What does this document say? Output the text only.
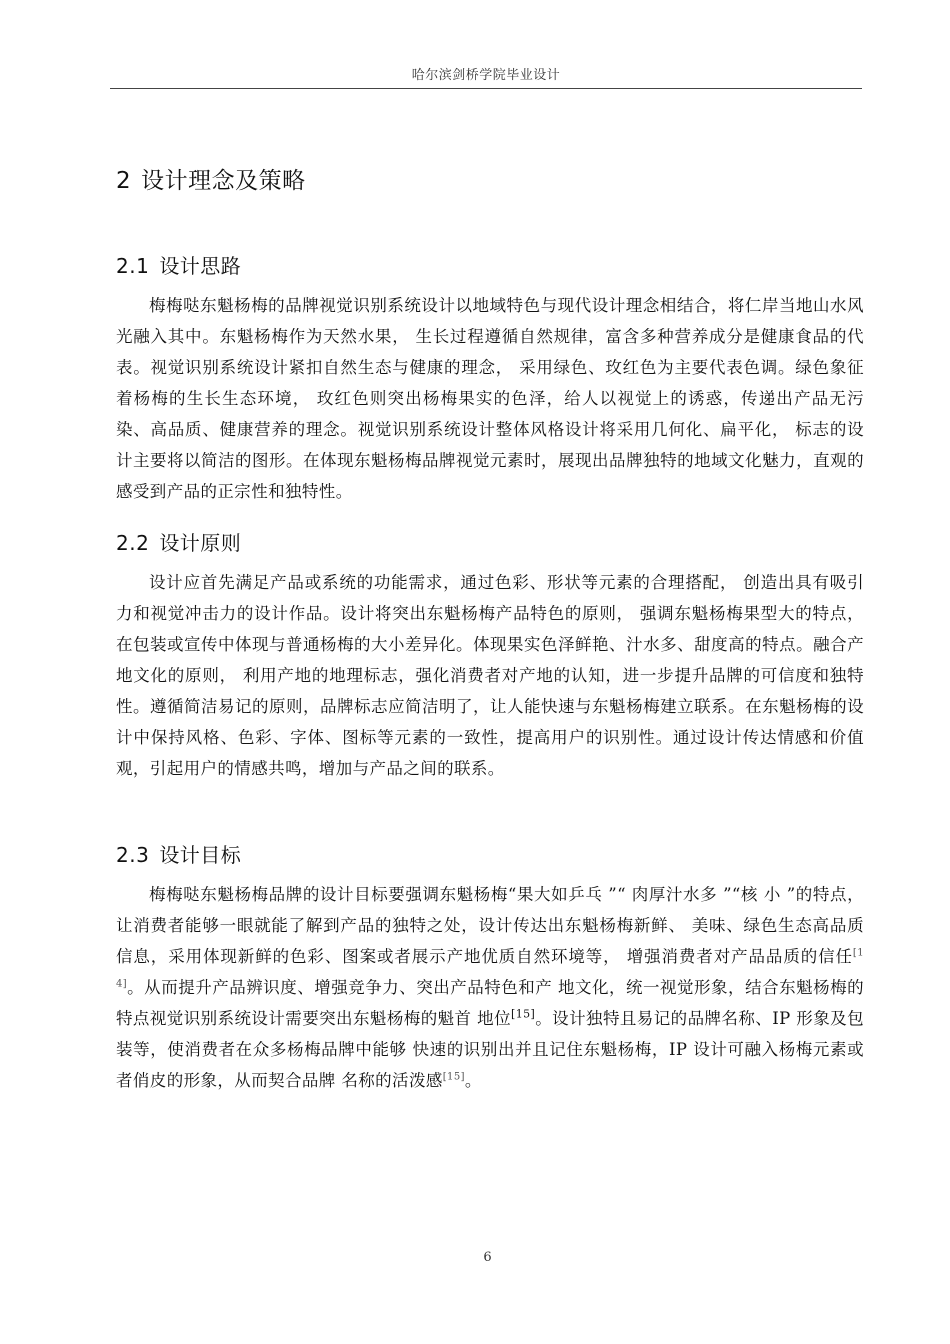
哈尔滨剑桥学院毕业设计
2 设计理念及策略
2.1 设计思路

梅梅哒东魁杨梅的品牌视觉识别系统设计以地域特色与现代设计理念相结合，将仁岸当地山水风光融入其中。东魁杨梅作为天然水果， 生长过程遵循自然规律，富含多种营养成分是健康食品的代表。视觉识别系统设计紧扣自然生态与健康的理念， 采用绿色、玫红色为主要代表色调。绿色象征着杨梅的生长生态环境， 玫红色则突出杨梅果实的色泽，给人以视觉上的诱惑，传递出产品无污染、高品质、健康营养的理念。视觉识别系统设计整体风格设计将采用几何化、扁平化， 标志的设计主要将以简洁的图形。在体现东魁杨梅品牌视觉元素时，展现出品牌独特的地域文化魅力，直观的感受到产品的正宗性和独特性。

2.2 设计原则

设计应首先满足产品或系统的功能需求，通过色彩、形状等元素的合理搭配， 创造出具有吸引力和视觉冲击力的设计作品。设计将突出东魁杨梅产品特色的原则， 强调东魁杨梅果型大的特点，在包装或宣传中体现与普通杨梅的大小差异化。体现果实色泽鲜艳、汁水多、甜度高的特点。融合产地文化的原则， 利用产地的地理标志，强化消费者对产地的认知，进一步提升品牌的可信度和独特性。遵循简洁易记的原则，品牌标志应简洁明了，让人能快速与东魁杨梅建立联系。在东魁杨梅的设计中保持风格、色彩、字体、图标等元素的一致性，提高用户的识别性。通过设计传达情感和价值观，引起用户的情感共鸣，增加与产品之间的联系。

2.3 设计目标

梅梅哒东魁杨梅品牌的设计目标要强调东魁杨梅“果大如乒乓 ”“ 肉厚汁水多 ”“核 小 ”的特点，让消费者能够一眼就能了解到产品的独特之处，设计传达出东魁杨梅新鲜、 美味、绿色生态高品质信息，采用体现新鲜的色彩、图案或者展示产地优质自然环境等， 增强消费者对产品品质的信任[14]。从而提升产品辨识度、增强竞争力、突出产品特色和产 地文化，统一视觉形象，结合东魁杨梅的特点视觉识别系统设计需要突出东魁杨梅的魁首 地位[15]。设计独特且易记的品牌名称、IP 形象及包装等，使消费者在众多杨梅品牌中能够 快速的识别出并且记住东魁杨梅，IP 设计可融入杨梅元素或者俏皮的形象，从而契合品牌 名称的活泼感[15]。

6
